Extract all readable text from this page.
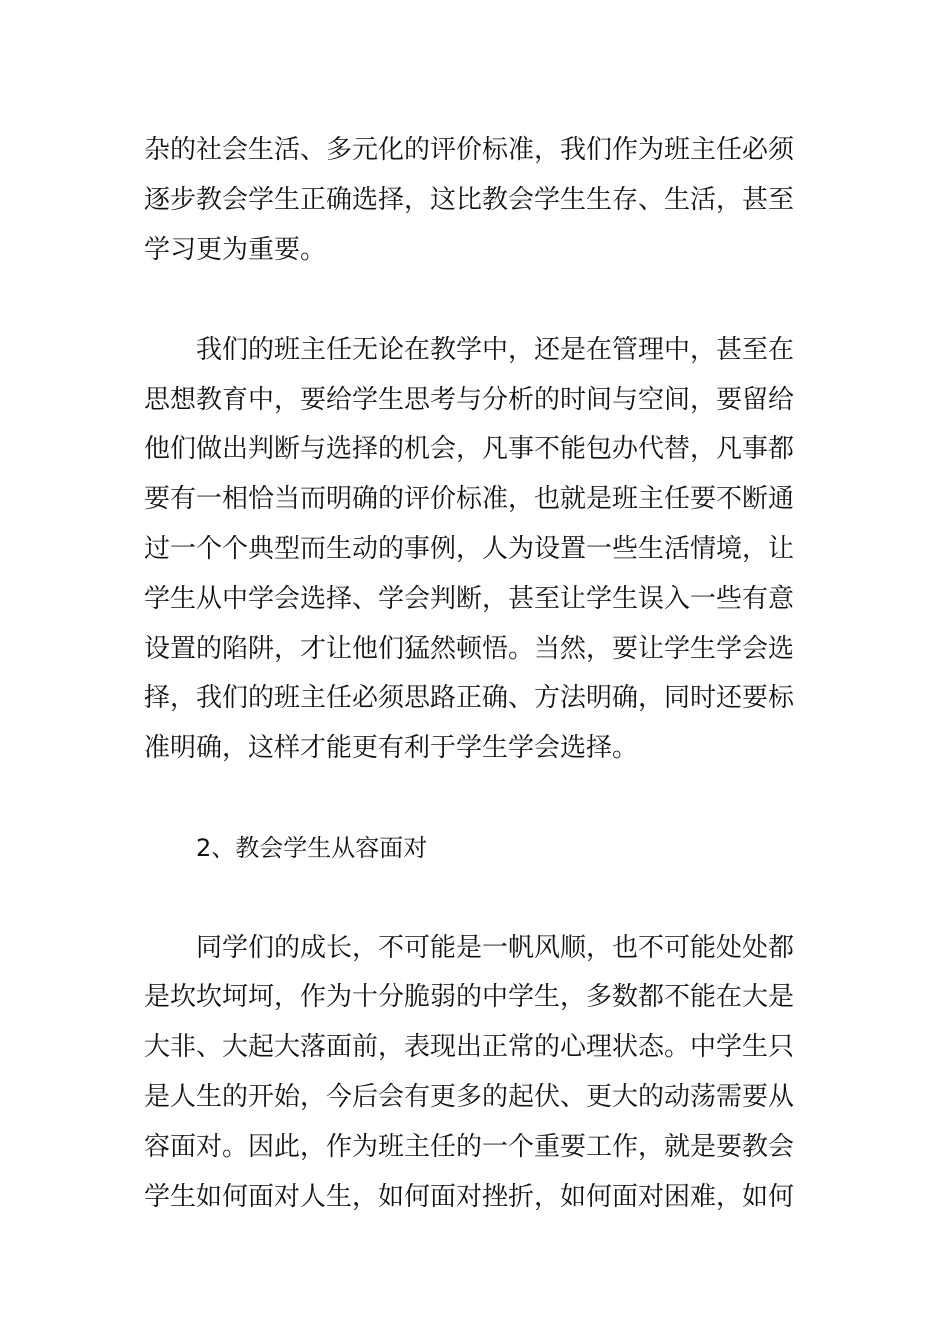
杂的社会生活、多元化的评价标准，我们作为班主任必须
逐步教会学生正确选择，这比教会学生生存、生活，甚至
学习更为重要。
我们的班主任无论在教学中，还是在管理中，甚至在
思想教育中，要给学生思考与分析的时间与空间，要留给
他们做出判断与选择的机会，凡事不能包办代替，凡事都
要有一相恰当而明确的评价标准，也就是班主任要不断通
过一个个典型而生动的事例，人为设置一些生活情境，让
学生从中学会选择、学会判断，甚至让学生误入一些有意
设置的陷阱，才让他们猛然顿悟。当然，要让学生学会选
择，我们的班主任必须思路正确、方法明确，同时还要标
准明确，这样才能更有利于学生学会选择。
2、教会学生从容面对
同学们的成长，不可能是一帆风顺，也不可能处处都
是坎坎坷坷，作为十分脆弱的中学生，多数都不能在大是
大非、大起大落面前，表现出正常的心理状态。中学生只
是人生的开始，今后会有更多的起伏、更大的动荡需要从
容面对。因此，作为班主任的一个重要工作，就是要教会
学生如何面对人生，如何面对挫折，如何面对困难，如何
